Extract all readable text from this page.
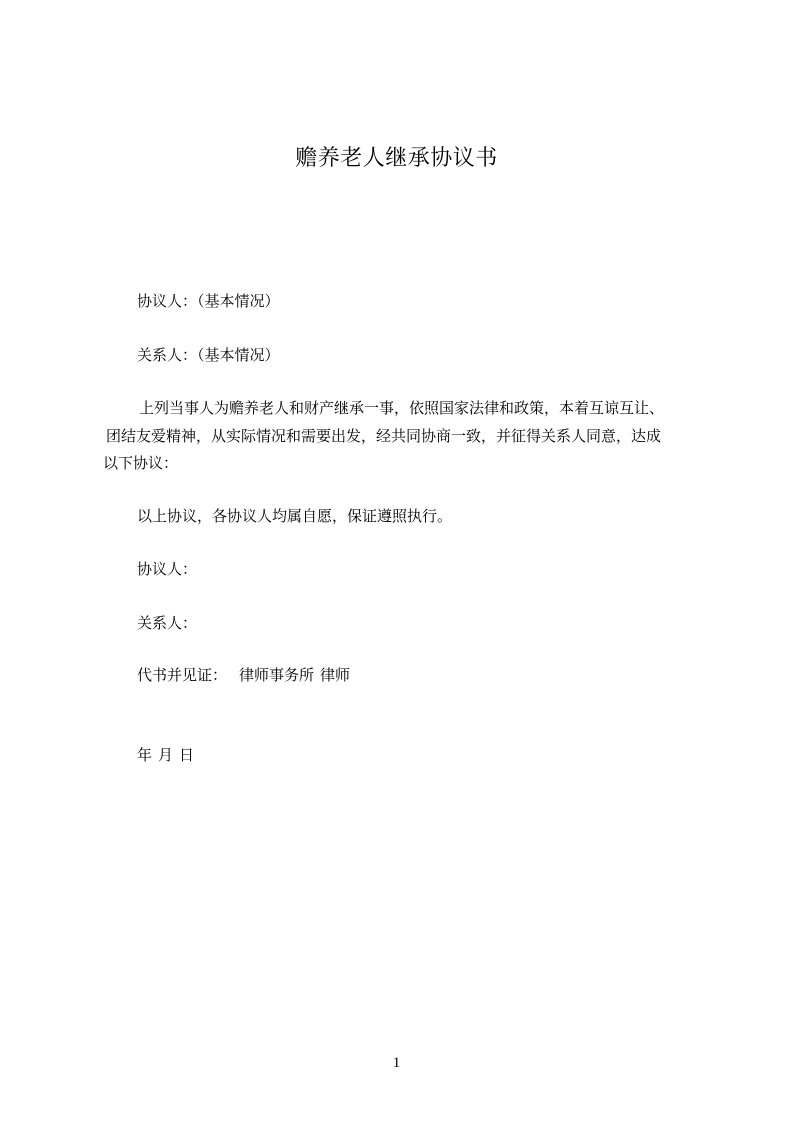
赡养老人继承协议书
协议人：（基本情况）
关系人：（基本情况）
上列当事人为赡养老人和财产继承一事，依照国家法律和政策，本着互谅互让、
团结友爱精神，从实际情况和需要出发，经共同协商一致，并征得关系人同意，达成
以下协议：
以上协议，各协议人均属自愿，保证遵照执行。
协议人：
关系人：
代书并见证： 律师事务所 律师
年 月 日
1
